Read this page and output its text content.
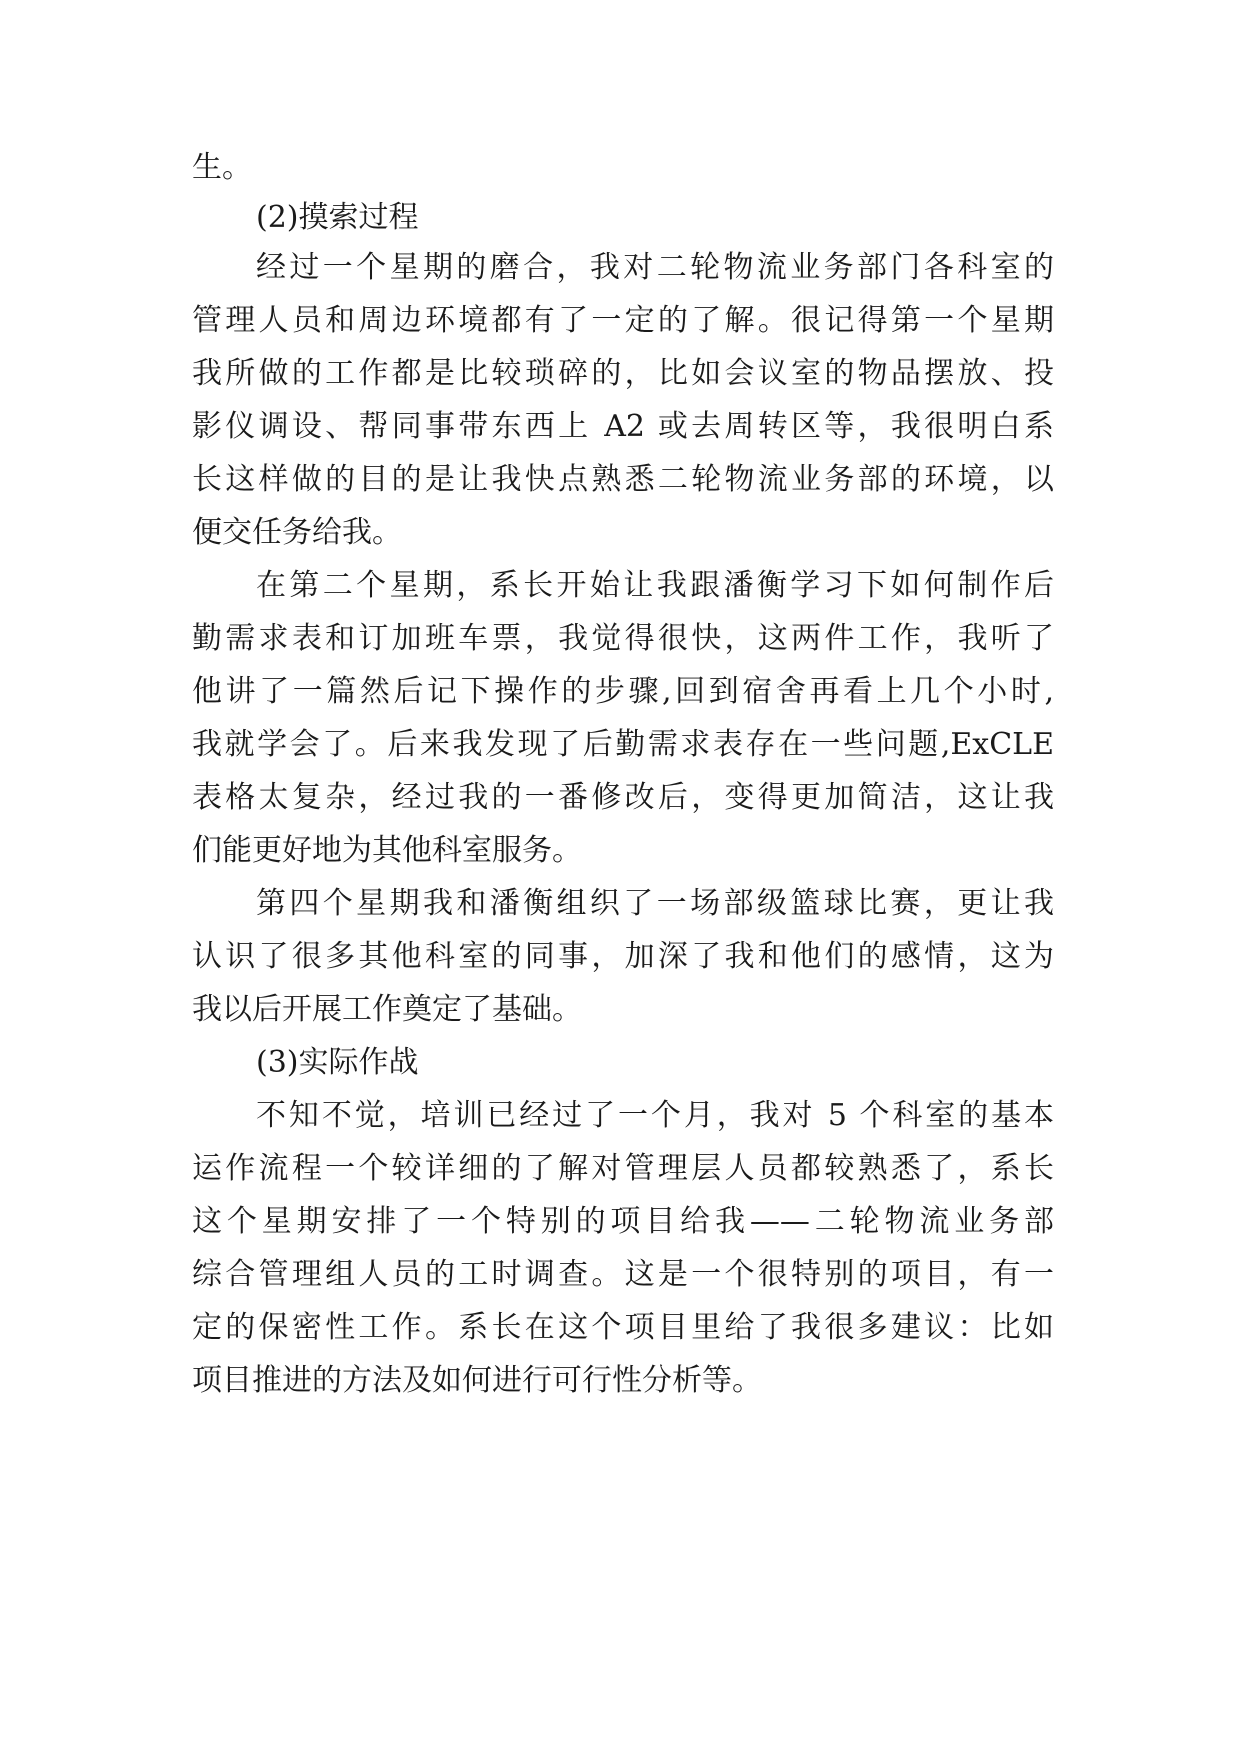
生。
(2)摸索过程
经过一个星期的磨合，我对二轮物流业务部门各科室的
管理人员和周边环境都有了一定的了解。很记得第一个星期
我所做的工作都是比较琐碎的，比如会议室的物品摆放、投
影仪调设、帮同事带东西上 A2 或去周转区等，我很明白系
长这样做的目的是让我快点熟悉二轮物流业务部的环境，以
便交任务给我。
在第二个星期，系长开始让我跟潘衡学习下如何制作后
勤需求表和订加班车票，我觉得很快，这两件工作，我听了
他讲了一篇然后记下操作的步骤,回到宿舍再看上几个小时,
我就学会了。后来我发现了后勤需求表存在一些问题,ExCLE
表格太复杂，经过我的一番修改后，变得更加简洁，这让我
们能更好地为其他科室服务。
第四个星期我和潘衡组织了一场部级篮球比赛，更让我
认识了很多其他科室的同事，加深了我和他们的感情，这为
我以后开展工作奠定了基础。
(3)实际作战
不知不觉，培训已经过了一个月，我对 5 个科室的基本
运作流程一个较详细的了解对管理层人员都较熟悉了，系长
这个星期安排了一个特别的项目给我——二轮物流业务部
综合管理组人员的工时调查。这是一个很特别的项目，有一
定的保密性工作。系长在这个项目里给了我很多建议：比如
项目推进的方法及如何进行可行性分析等。
